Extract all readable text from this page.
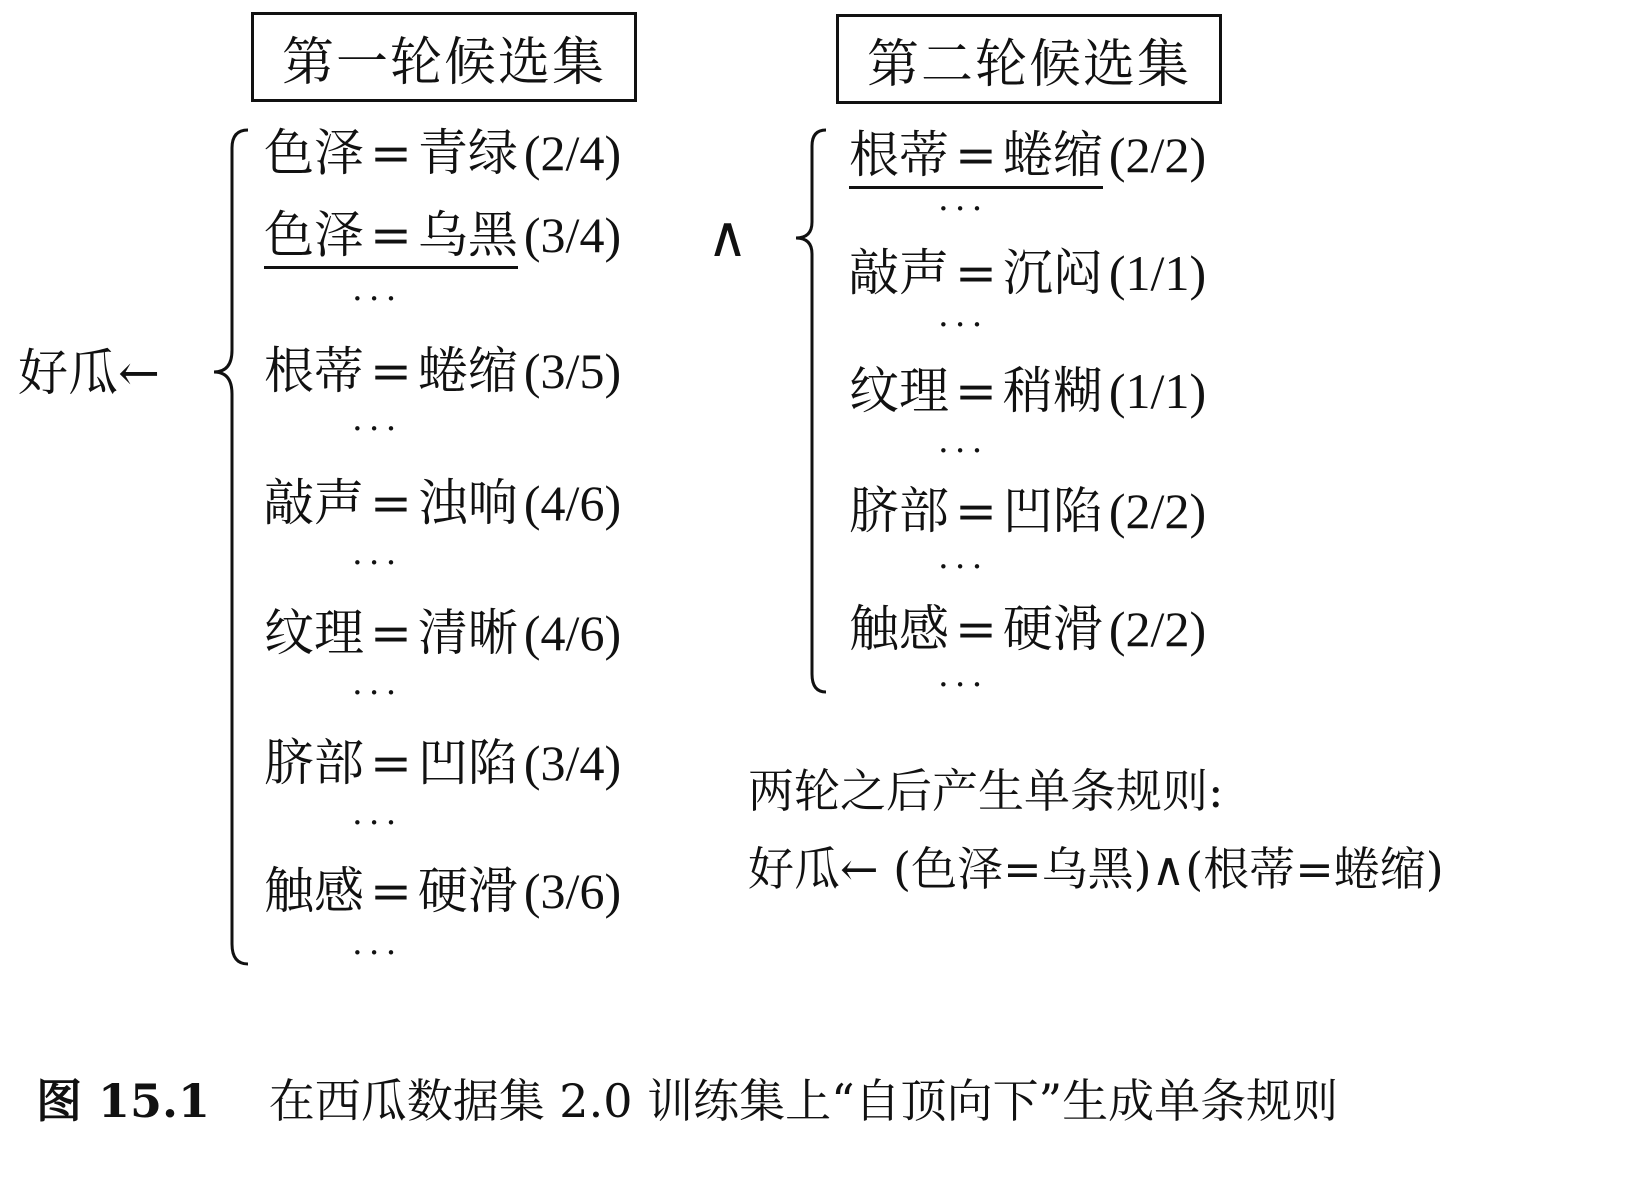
第一轮候选集	第二轮候选集
好瓜←
色泽 = 青绿 (2/4)
色泽 = 乌黑 (3/4)
根蒂 = 蜷缩 (3/5)
敲声 = 浊响 (4/6)
纹理 = 清晰 (4/6)
脐部 = 凹陷 (3/4)
触感 = 硬滑 (3/6)
···
···
···
···
···
···
∧
根蒂 = 蜷缩 (2/2)
敲声 = 沉闷 (1/1)
纹理 = 稍糊 (1/1)
脐部 = 凹陷 (2/2)
触感 = 硬滑 (2/2)
···
···
···
···
···
两轮之后产生单条规则:
好瓜← (色泽=乌黑)∧(根蒂=蜷缩)
图 15.1 在西瓜数据集 2.0 训练集上“自顶向下”生成单条规则
